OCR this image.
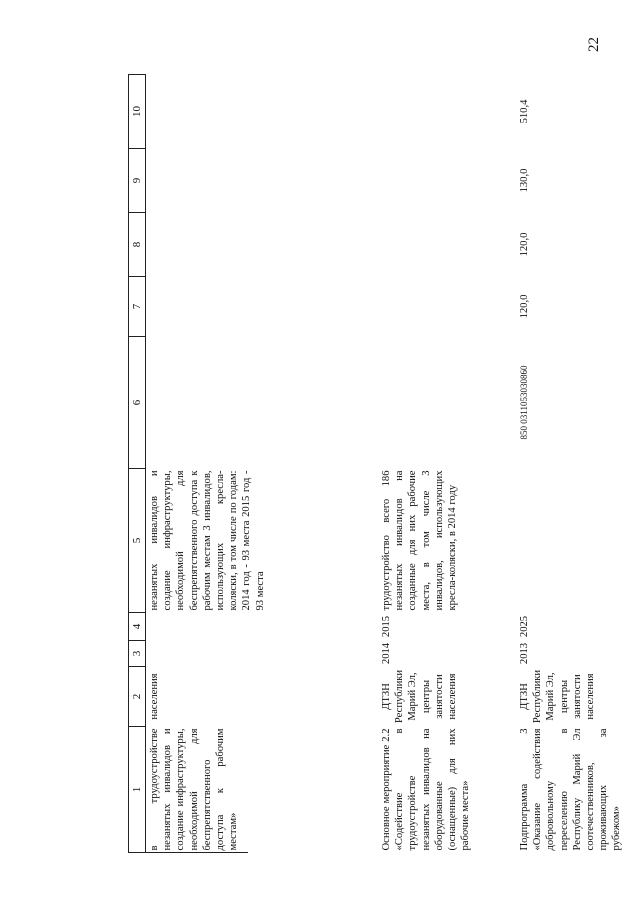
22
1	2	3	4	5	6	7	8	9	10
в трудоустройстве незанятых инвалидов и создание инфраструктуры, необходимой для беспрепятственного доступа к рабочим местам»	населения			незанятых инвалидов и создание инфраструктуры, необходимой для беспрепятственного доступа к рабочим местам 3 инвалидов, использующих кресла-коляски, в том числе по годам: 2014 год - 93 места 2015 год - 93 места					
Основное мероприятие 2.2 «Содействие в трудоустройстве незанятых инвалидов на оборудованные (оснащенные) для них рабочие места»	ДТЗН Республики Марий Эл, центры занятости населения	2014	2015	трудоустройство всего 186 незанятых инвалидов на созданные для них рабочие места, в том числе 3 инвалидов, использующих кресла-коляски, в 2014 году					
Подпрограмма 3 «Оказание содействия добровольному переселению в Республику Марий Эл соотечественников, проживающих за рубежом»	ДТЗН Республики Марий Эл, центры занятости населения	2013	2025		850 0311053030860	120,0	120,0	130,0	510,4
